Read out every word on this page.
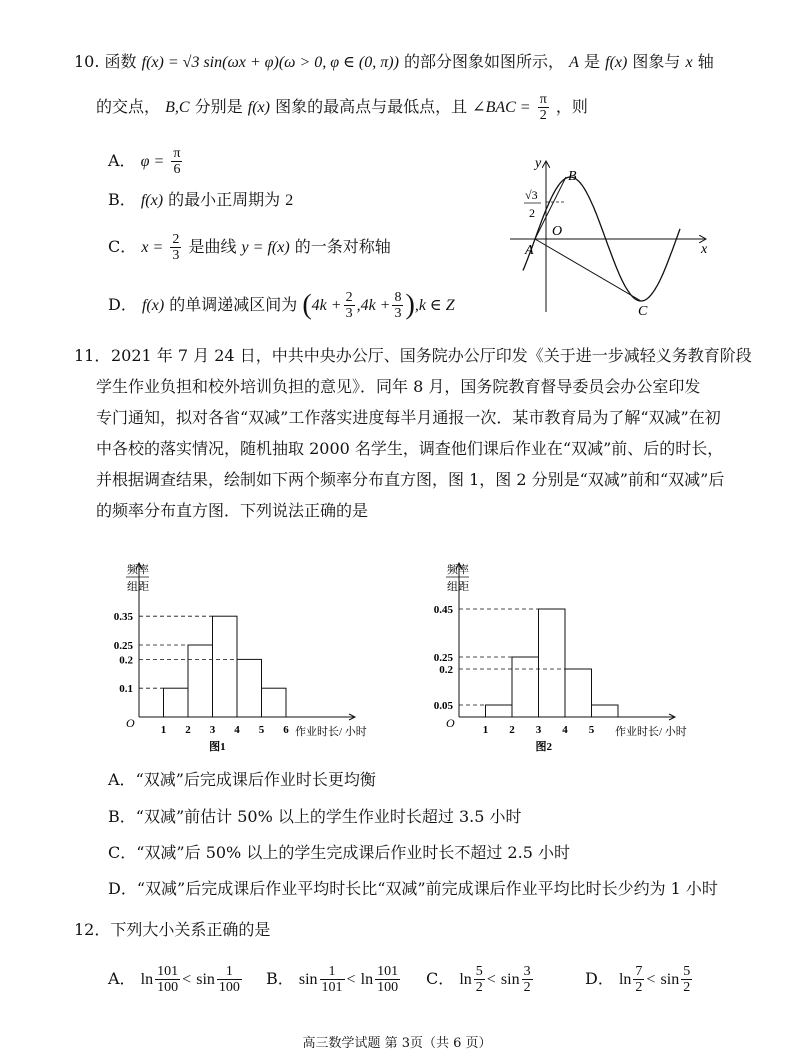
10. 函数 f(x) = √3 sin(ωx + φ)(ω > 0, φ ∈ (0, π)) 的部分图象如图所示， A 是 f(x) 图象与 x 轴
的交点， B,C 分别是 f(x) 图象的最高点与最低点，且 ∠BAC = $\frac{\pi}{2}$ ，则
A． $\varphi = \frac{\pi}{6}$
B． f(x) 的最小正周期为 2
C． $x = \frac{2}{3}$ 是曲线 y = f(x) 的一条对称轴
D． f(x) 的单调递减区间为 $(4k + \frac{2}{3} ,4k + \frac{8}{3} ),k$ ∈ Z
y
x
O
A
B
C
√3
2
11． 2021 年 7 月 24 日，中共中央办公厅、国务院办公厅印发《关于进一步减轻义务教育阶段
学生作业负担和校外培训负担的意见》．同年 8 月，国务院教育督导委员会办公室印发
专门通知，拟对各省“双减”工作落实进度每半月通报一次．某市教育局为了解“双减”在初
中各校的落实情况，随机抽取 2000 名学生，调查他们课后作业在“双减”前、后的时长，
并根据调查结果，绘制如下两个频率分布直方图，图 1，图 2 分别是“双减”前和“双减”后
的频率分布直方图．下列说法正确的是
频率
组距
O
0.1
0.2
0.25
0.35
1 2 3 4 5 6 作业时长/ 小时
图1
频率
组距
O
0.05
0.2
0.25
0.45
1 2 3 4 5 作业时长/ 小时
图2
A．“双减”后完成课后作业时长更均衡
B．“双减”前估计 50% 以上的学生作业时长超过 3.5 小时
C．“双减”后 50% 以上的学生完成课后作业时长不超过 2.5 小时
D．“双减”后完成课后作业平均时长比“双减”前完成课后作业平均比时长少约为 1 小时
12．下列大小关系正确的是
A． $\ln \frac{101}{100} < \sin \frac{1}{100}$ B． $\sin \frac{1}{101} < \ln \frac{101}{100}$ C． $\ln \frac{5}{2} < \sin \frac{3}{2}$	D． $\ln \frac{7}{2} < \sin \frac{5}{2}$
高三数学试题 第 3页（共 6 页）
